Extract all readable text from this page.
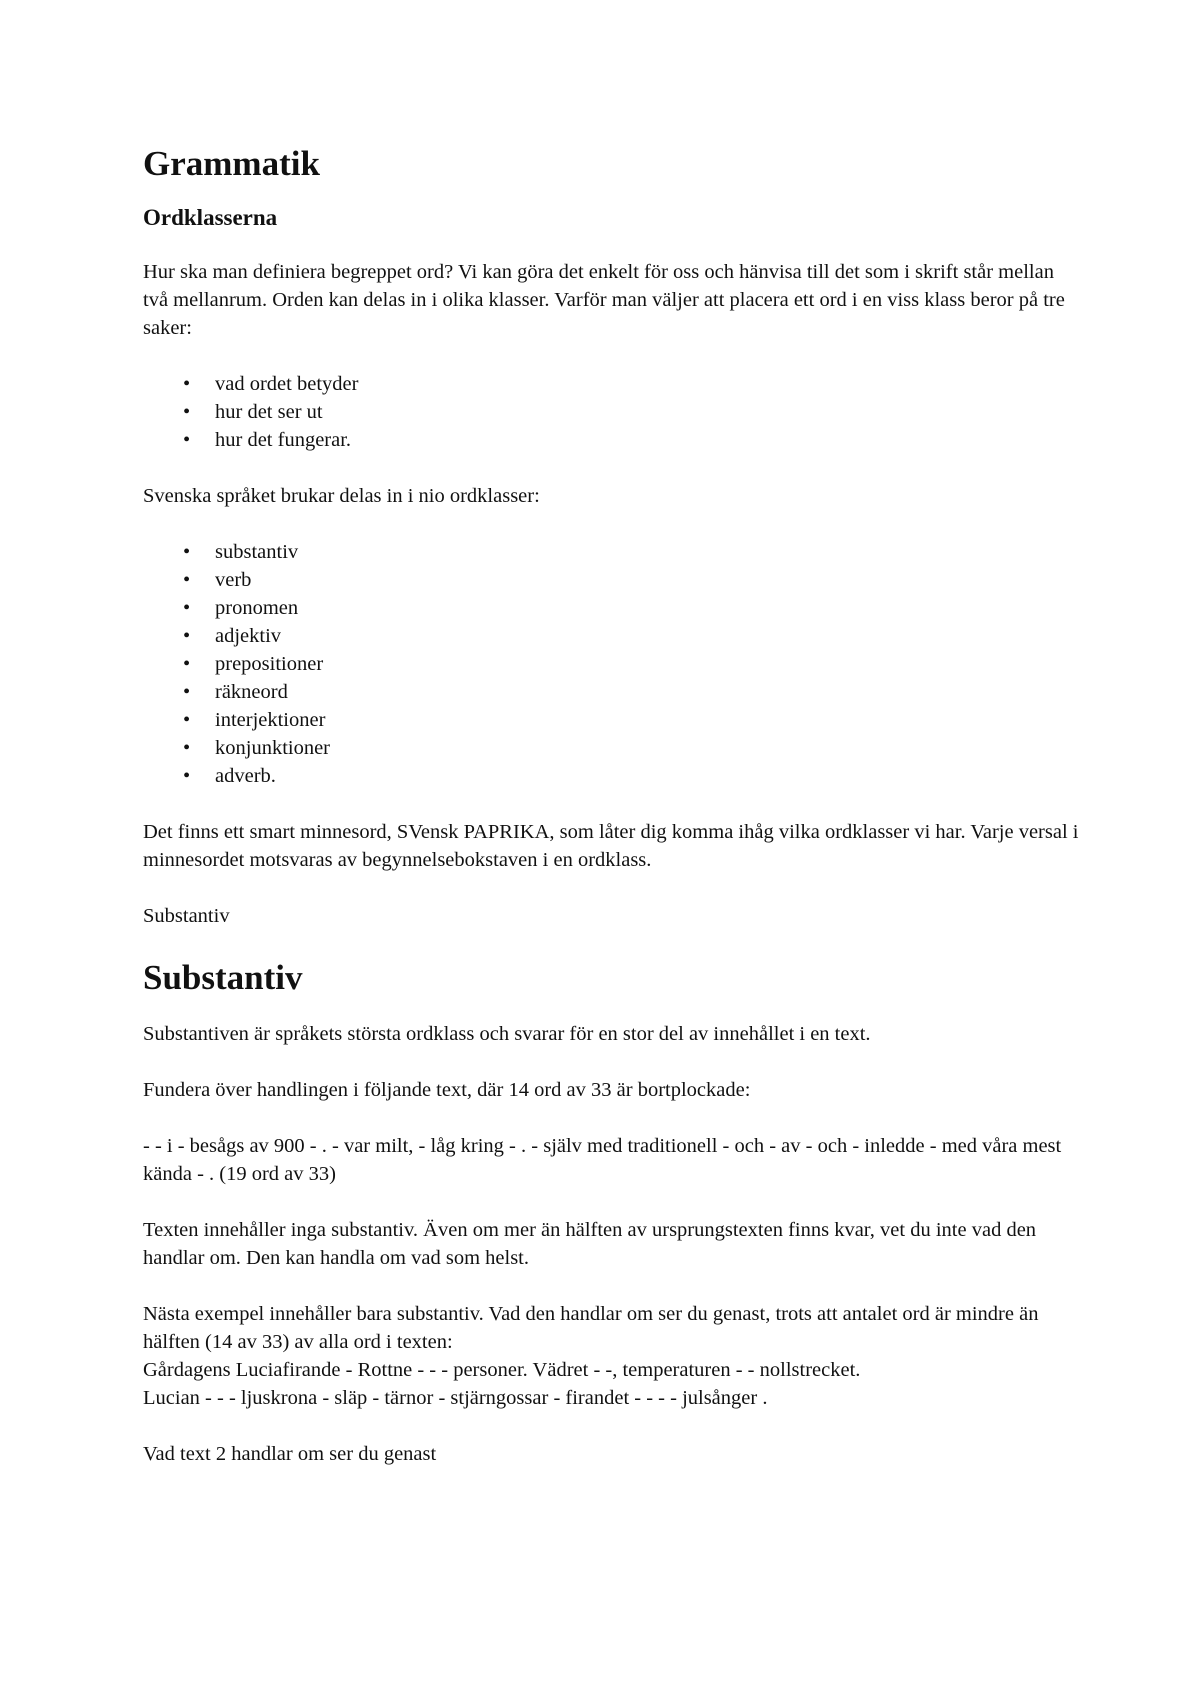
Grammatik
Ordklasserna

Hur ska man definiera begreppet ord? Vi kan göra det enkelt för oss och hänvisa till det som i skrift står mellan två mellanrum. Orden kan delas in i olika klasser. Varför man väljer att placera ett ord i en viss klass beror på tre saker:

• vad ordet betyder
• hur det ser ut
• hur det fungerar.

Svenska språket brukar delas in i nio ordklasser:

• substantiv
• verb
• pronomen
• adjektiv
• prepositioner
• räkneord
• interjektioner
• konjunktioner
• adverb.

Det finns ett smart minnesord, SVensk PAPRIKA, som låter dig komma ihåg vilka ordklasser vi har. Varje versal i minnesordet motsvaras av begynnelsebokstaven i en ordklass.

Substantiv

Substantiv

Substantiven är språkets största ordklass och svarar för en stor del av innehållet i en text.

Fundera över handlingen i följande text, där 14 ord av 33 är bortplockade:

- - i - besågs av 900 - . - var milt, - låg kring - . - själv med traditionell - och - av - och - inledde - med våra mest kända - . (19 ord av 33)

Texten innehåller inga substantiv. Även om mer än hälften av ursprungstexten finns kvar, vet du inte vad den handlar om. Den kan handla om vad som helst.

Nästa exempel innehåller bara substantiv. Vad den handlar om ser du genast, trots att antalet ord är mindre än hälften (14 av 33) av alla ord i texten:

Gårdagens Luciafirande - Rottne - - - personer. Vädret - -, temperaturen - - nollstrecket.

Lucian - - - ljuskrona - släp - tärnor - stjärngossar - firandet - - - - julsånger .

Vad text 2 handlar om ser du genast
